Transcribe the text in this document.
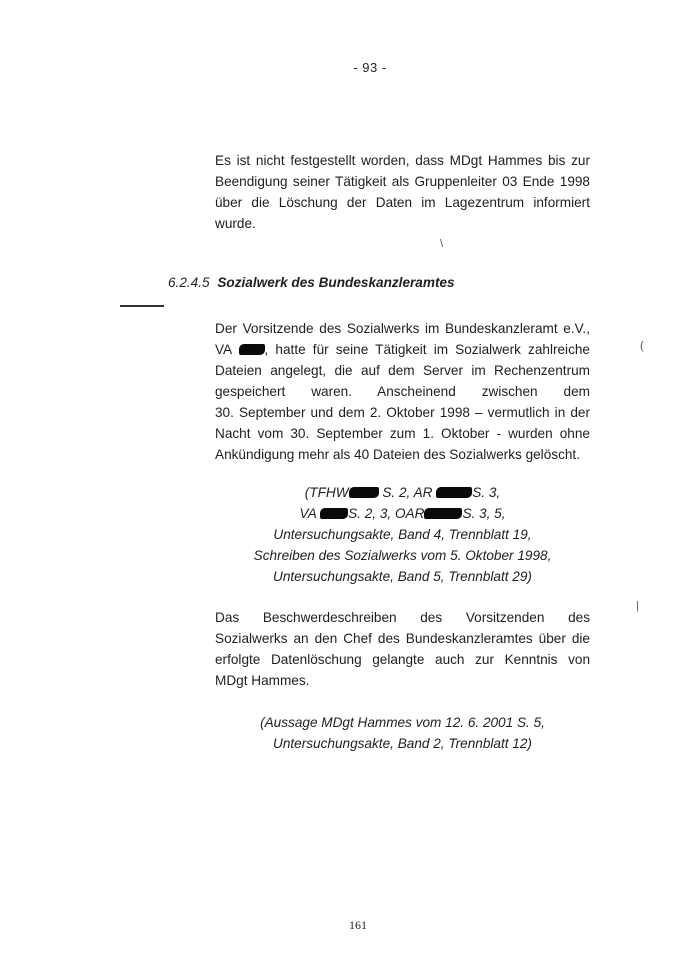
- 93 -
Es ist nicht festgestellt worden, dass MDgt Hammes bis zur
Beendigung seiner Tätigkeit als Gruppenleiter 03 Ende 1998
über die Löschung der Daten im Lagezentrum informiert
wurde.
6.2.4.5 Sozialwerk des Bundeskanzleramtes
Der Vorsitzende des Sozialwerks im Bundeskanzleramt e.V.,
VA , hatte für seine Tätigkeit im Sozialwerk zahlreiche
Dateien angelegt, die auf dem Server im Rechenzentrum
gespeichert waren. Anscheinend zwischen dem
30. September und dem 2. Oktober 1998 – vermutlich in der
Nacht vom 30. September zum 1. Oktober - wurden ohne
Ankündigung mehr als 40 Dateien des Sozialwerks gelöscht.
(TFHW S. 2, AR	S. 3,
VA S. 2, 3, OAR	S. 3, 5,
Untersuchungsakte, Band 4, Trennblatt 19,
Schreiben des Sozialwerks vom 5. Oktober 1998,
Untersuchungsakte, Band 5, Trennblatt 29)
Das Beschwerdeschreiben des Vorsitzenden des
Sozialwerks an den Chef des Bundeskanzleramtes über die
erfolgte Datenlöschung gelangte auch zur Kenntnis von
MDgt Hammes.
(Aussage MDgt Hammes vom 12. 6. 2001 S. 5,
Untersuchungsakte, Band 2, Trennblatt 12)
(
|
\
161
